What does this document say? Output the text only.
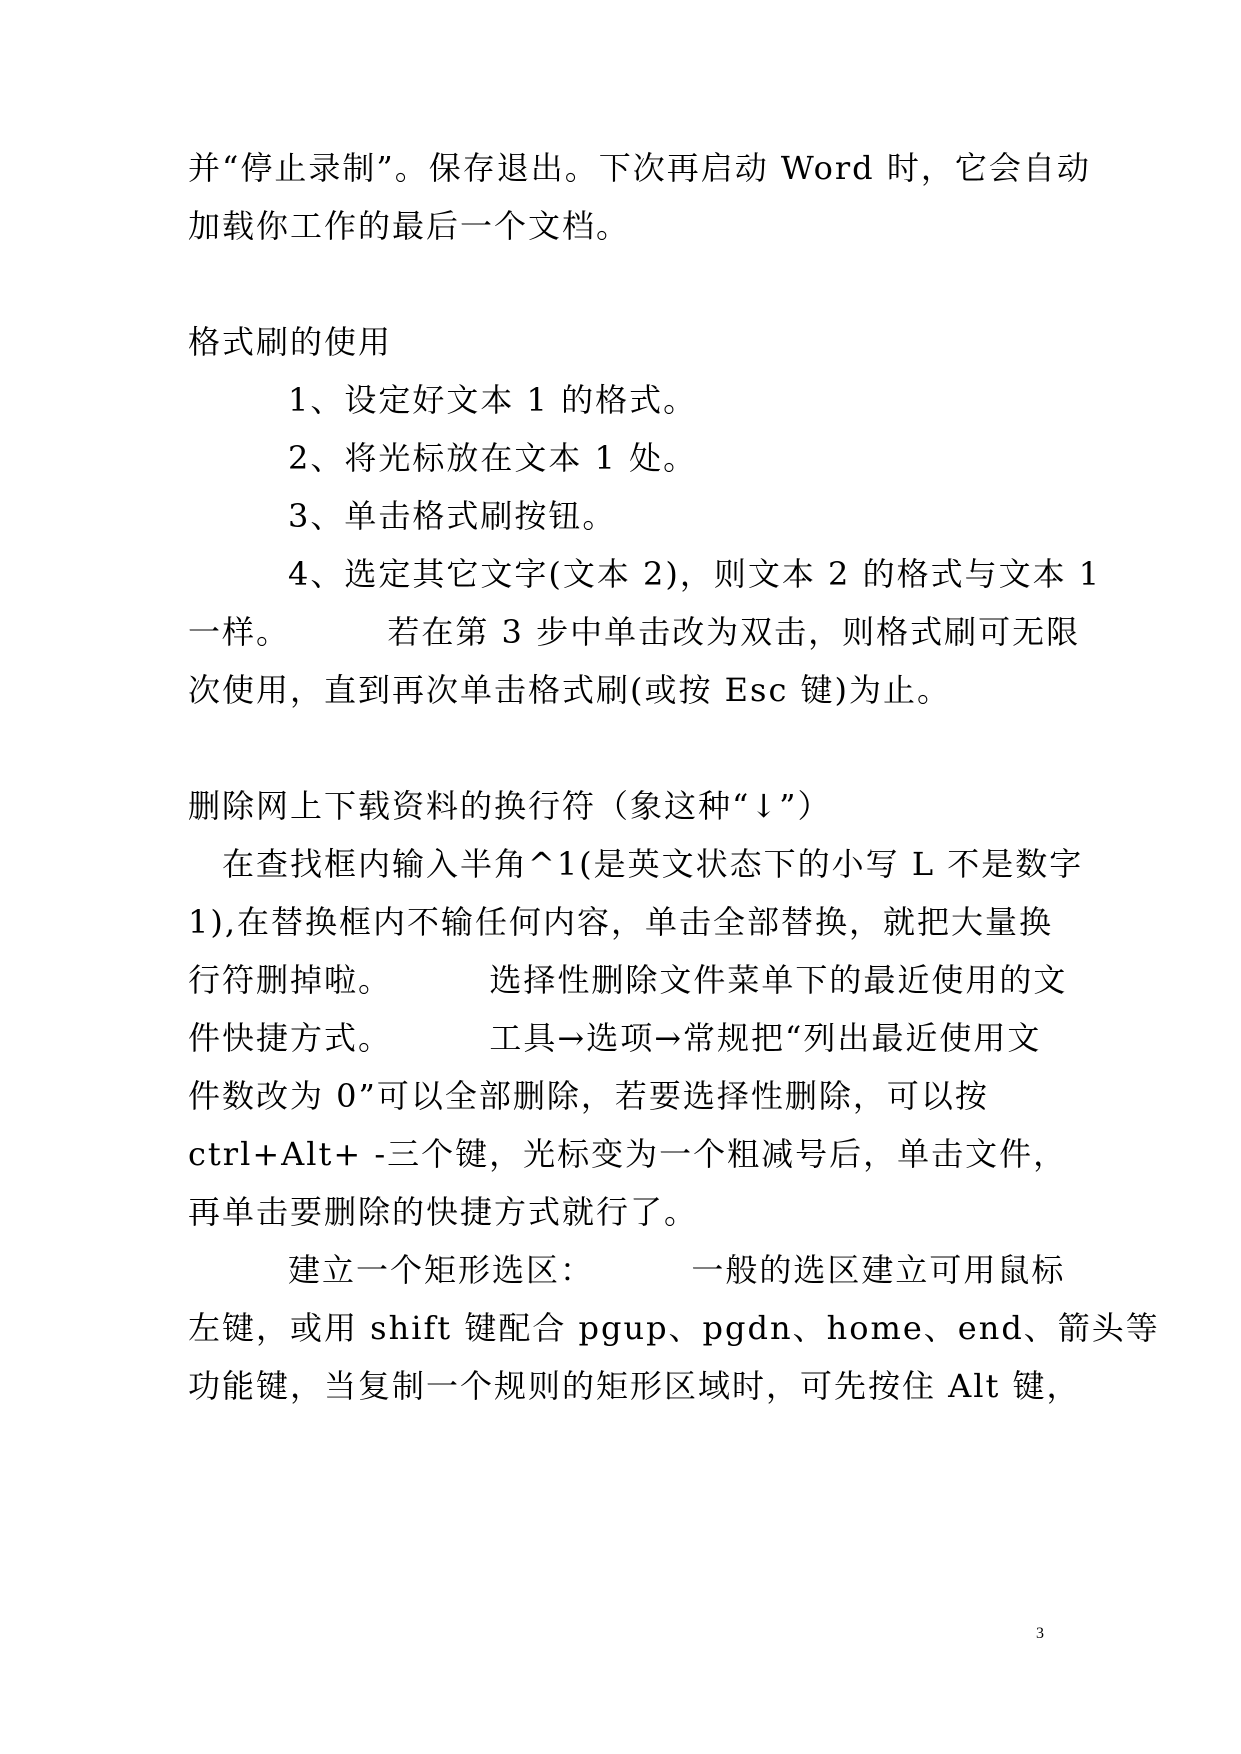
并“停止录制”。保存退出。下次再启动 Word 时，它会自动
加载你工作的最后一个文档。
格式刷的使用
1、设定好文本 1 的格式。
2、将光标放在文本 1 处。
3、单击格式刷按钮。
4、选定其它文字(文本 2)，则文本 2 的格式与文本 1
一样。        若在第 3 步中单击改为双击，则格式刷可无限
次使用，直到再次单击格式刷(或按 Esc 键)为止。
删除网上下载资料的换行符（象这种“↓”）
在查找框内输入半角^1(是英文状态下的小写 L 不是数字
1),在替换框内不输任何内容，单击全部替换，就把大量换
行符删掉啦。        选择性删除文件菜单下的最近使用的文
件快捷方式。        工具→选项→常规把“列出最近使用文
件数改为 0”可以全部删除，若要选择性删除，可以按
ctrl+Alt+ -三个键，光标变为一个粗减号后，单击文件，
再单击要删除的快捷方式就行了。
建立一个矩形选区：        一般的选区建立可用鼠标
左键，或用 shift 键配合 pgup、pgdn、home、end、箭头等
功能键，当复制一个规则的矩形区域时，可先按住 Alt 键，
3
